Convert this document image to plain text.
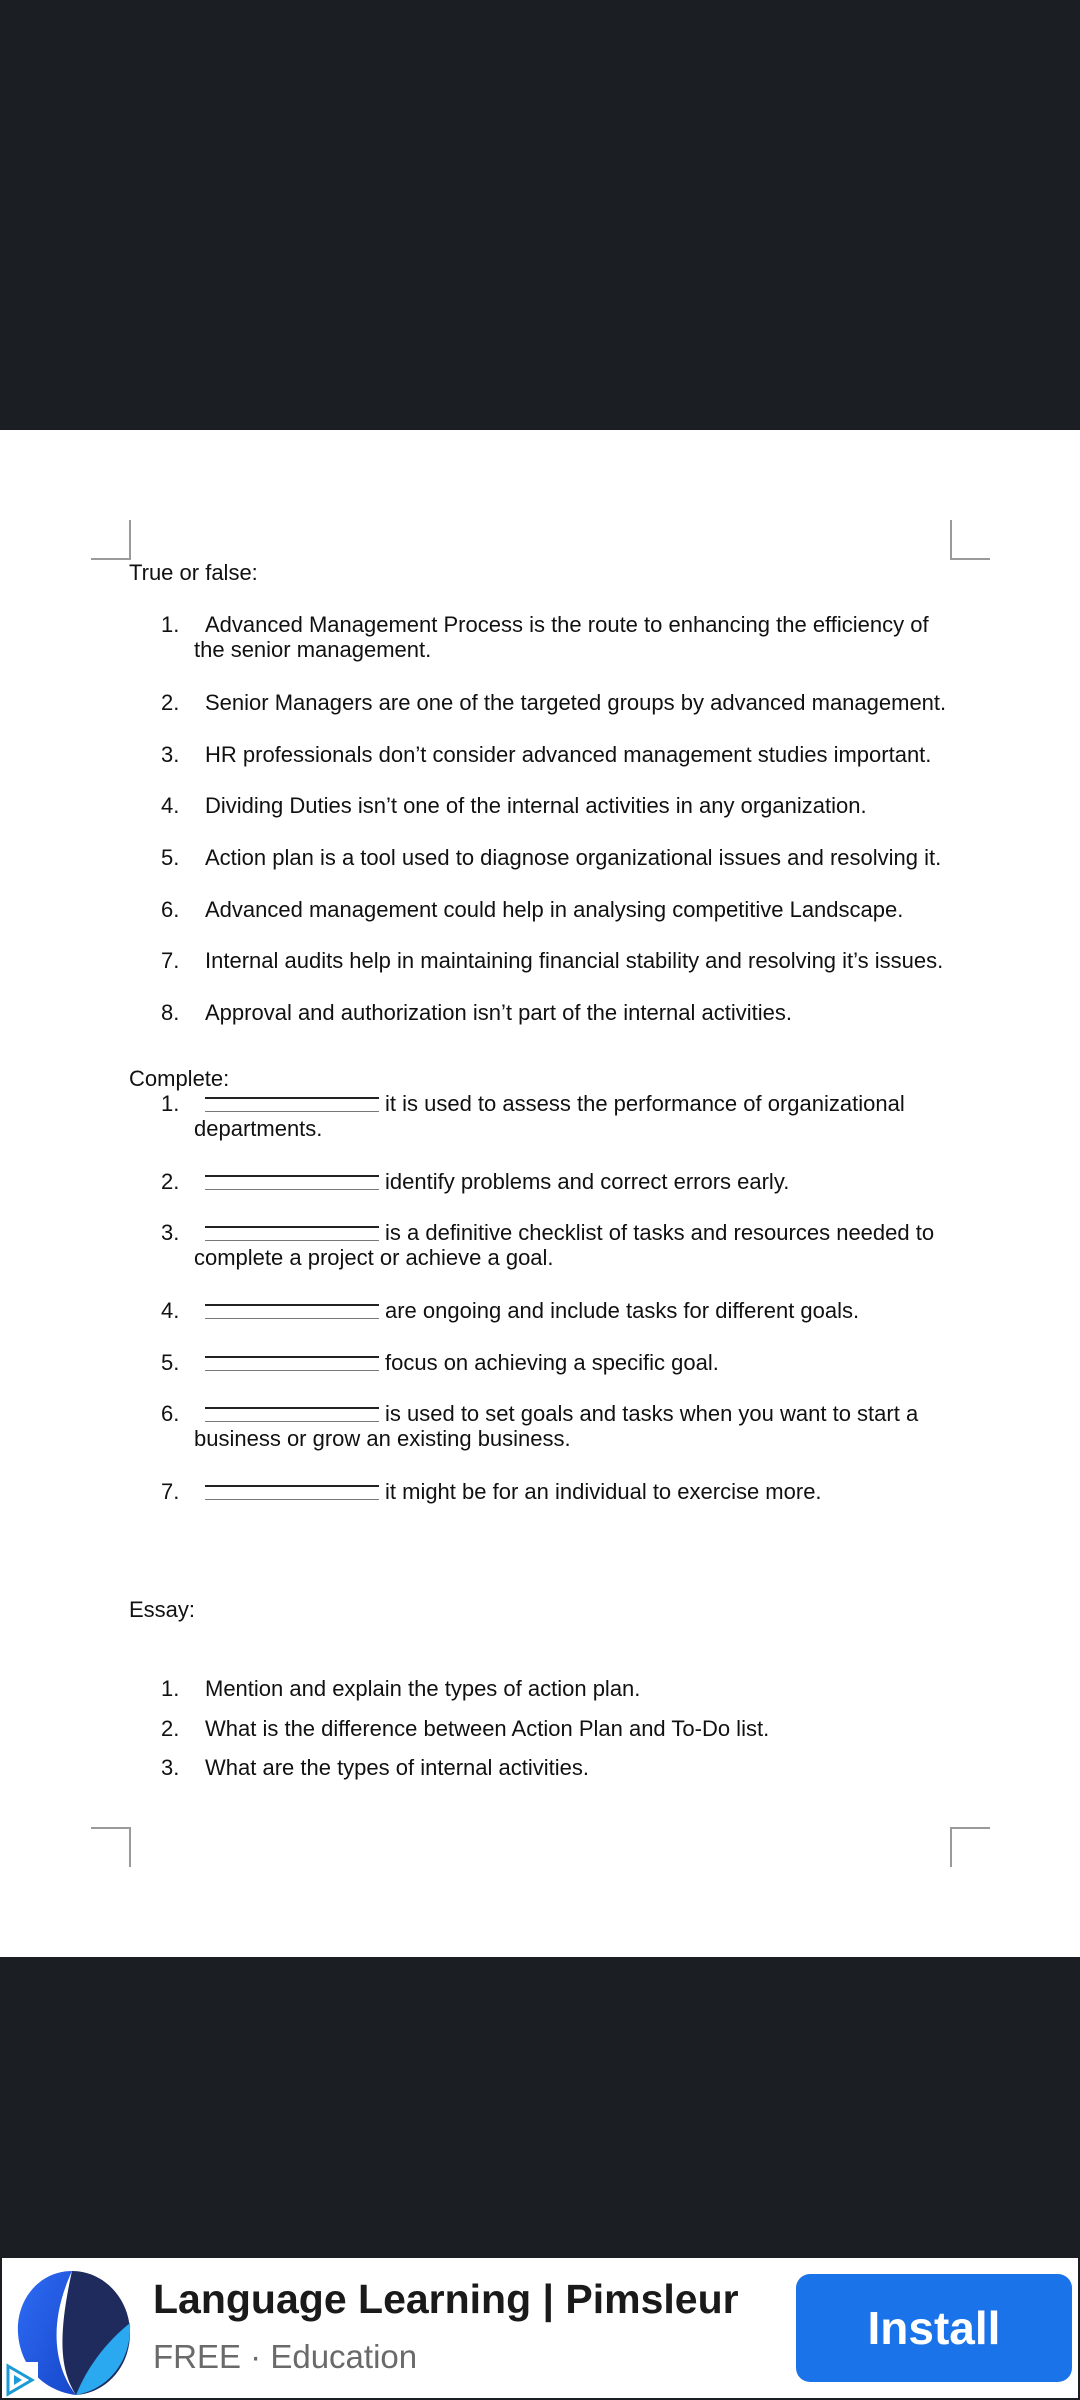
True or false:
1. Advanced Management Process is the route to enhancing the efficiency of
the senior management.
2. Senior Managers are one of the targeted groups by advanced management.
3. HR professionals don’t consider advanced management studies important.
4. Dividing Duties isn’t one of the internal activities in any organization.
5. Action plan is a tool used to diagnose organizational issues and resolving it.
6. Advanced management could help in analysing competitive Landscape.
7. Internal audits help in maintaining financial stability and resolving it’s issues.
8. Approval and authorization isn’t part of the internal activities.
Complete:
1.	it is used to assess the performance of organizational
departments.
2.	identify problems and correct errors early.
3.	is a definitive checklist of tasks and resources needed to
complete a project or achieve a goal.
4.	are ongoing and include tasks for different goals.
5.	focus on achieving a specific goal.
6.	is used to set goals and tasks when you want to start a
business or grow an existing business.
7.	it might be for an individual to exercise more.
Essay:
1. Mention and explain the types of action plan.
2. What is the difference between Action Plan and To-Do list.
3. What are the types of internal activities.
Language Learning | Pimsleur
FREE · Education
Install
